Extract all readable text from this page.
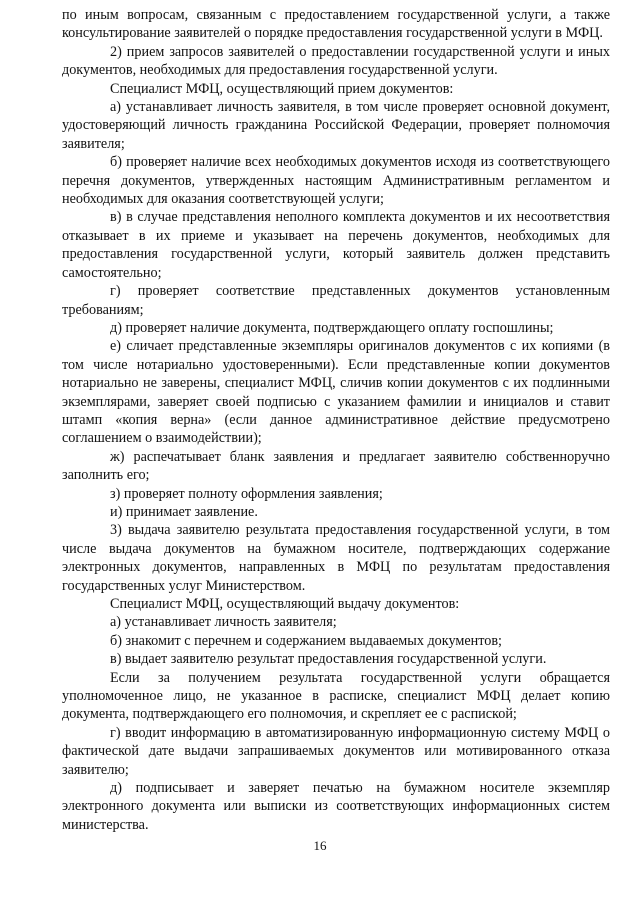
по иным вопросам, связанным с предоставлением государственной услуги, а также консультирование заявителей о порядке предоставления государственной услуги в МФЦ.

2) прием запросов заявителей о предоставлении государственной услуги и иных документов, необходимых для предоставления государственной услуги.

Специалист МФЦ, осуществляющий прием документов:

а) устанавливает личность заявителя, в том числе проверяет основной документ, удостоверяющий личность гражданина Российской Федерации, проверяет полномочия заявителя;

б) проверяет наличие всех необходимых документов исходя из соответствующего перечня документов, утвержденных настоящим Административным регламентом и необходимых для оказания соответствующей услуги;

в) в случае представления неполного комплекта документов и их несоответствия отказывает в их приеме и указывает на перечень документов, необходимых для предоставления государственной услуги, который заявитель должен представить самостоятельно;

г) проверяет соответствие представленных документов установленным требованиям;

д) проверяет наличие документа, подтверждающего оплату госпошлины;

е) сличает представленные экземпляры оригиналов документов с их копиями (в том числе нотариально удостоверенными). Если представленные копии документов нотариально не заверены, специалист МФЦ, сличив копии документов с их подлинными экземплярами, заверяет своей подписью с указанием фамилии и инициалов и ставит штамп «копия верна» (если данное административное действие предусмотрено соглашением о взаимодействии);

ж) распечатывает бланк заявления и предлагает заявителю собственноручно заполнить его;

з) проверяет полноту оформления заявления;

и) принимает заявление.

3) выдача заявителю результата предоставления государственной услуги, в том числе выдача документов на бумажном носителе, подтверждающих содержание электронных документов, направленных в МФЦ по результатам предоставления государственных услуг Министерством.

Специалист МФЦ, осуществляющий выдачу документов:

а) устанавливает личность заявителя;

б) знакомит с перечнем и содержанием выдаваемых документов;

в) выдает заявителю результат предоставления государственной услуги.

Если за получением результата государственной услуги обращается уполномоченное лицо, не указанное в расписке, специалист МФЦ делает копию документа, подтверждающего его полномочия, и скрепляет ее с распиской;

г) вводит информацию в автоматизированную информационную систему МФЦ о фактической дате выдачи запрашиваемых документов или мотивированного отказа заявителю;

д) подписывает и заверяет печатью на бумажном носителе экземпляр электронного документа или выписки из соответствующих информационных систем министерства.

16
